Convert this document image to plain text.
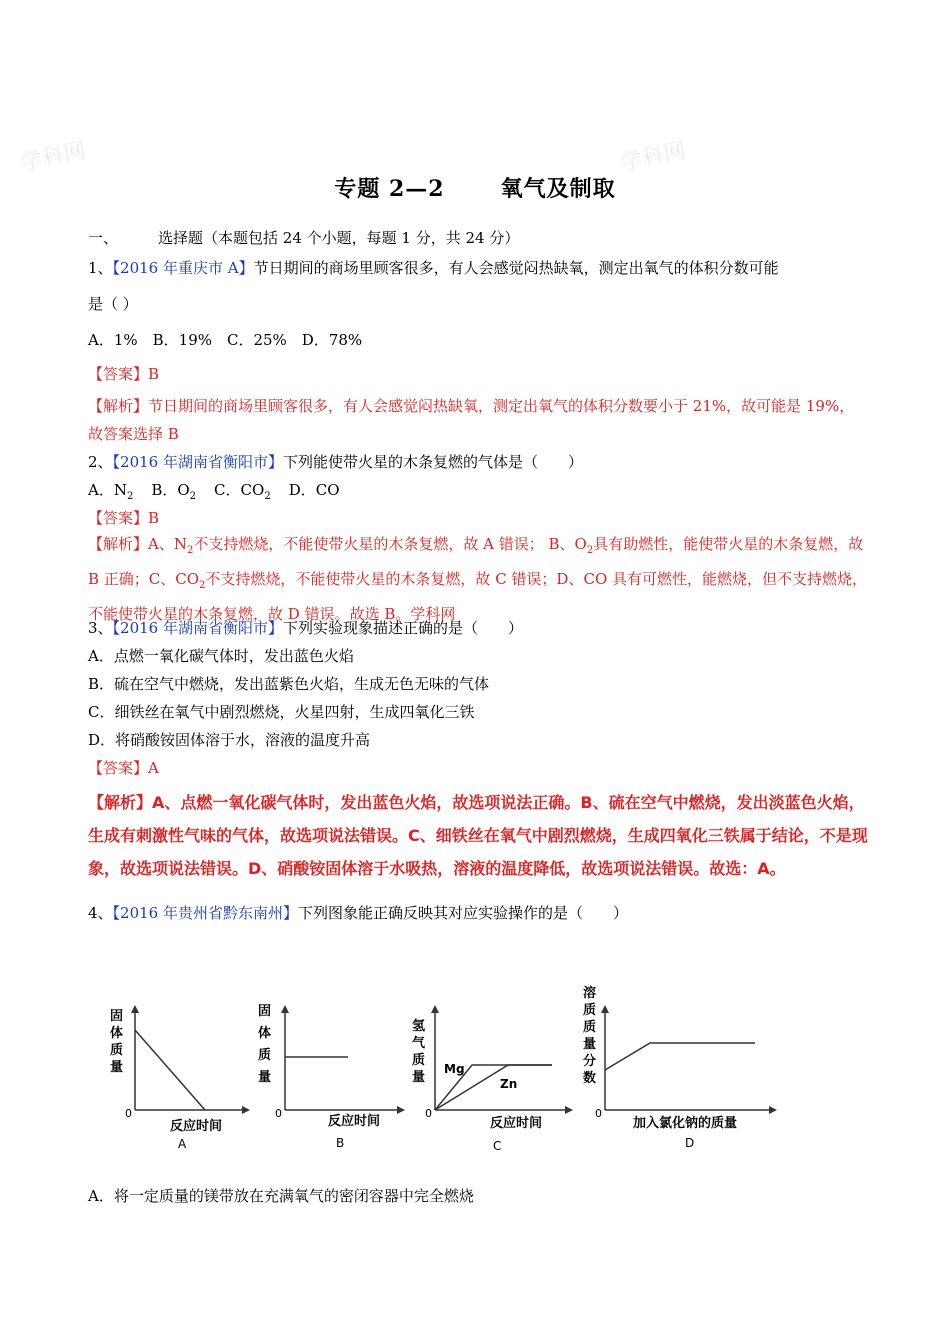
学科网	学科网
专题 2—2	氧气及制取
一、	选择题（本题包括 24 个小题，每题 1 分，共 24 分）
1、【2016 年重庆市 A】节日期间的商场里顾客很多，有人会感觉闷热缺氧，测定出氧气的体积分数可能
是（ ）
A．1%　B．19%　C．25%　D．78%
【答案】B
【解析】节日期间的商场里顾客很多，有人会感觉闷热缺氧，测定出氧气的体积分数要小于 21%，故可能是 19%，故答案选择 B
2、【2016 年湖南省衡阳市】下列能使带火星的木条复燃的气体是（　　）
A．$N_2$ B．$O_2$ C．$CO_2$ D．CO
【答案】B
【解析】A、$N_2$不支持燃烧，不能使带火星的木条复燃，故 A 错误； B、$O_2$具有助燃性，能使带火星的木条复燃，故 B 正确；C、$CO_2$不支持燃烧，不能使带火星的木条复燃，故 C 错误；D、CO 具有可燃性，能燃烧，但不支持燃烧，不能使带火星的木条复燃，故 D 错误。故选 B。学科网
3、【2016 年湖南省衡阳市】下列实验现象描述正确的是（　　）
A．点燃一氧化碳气体时，发出蓝色火焰
B．硫在空气中燃烧，发出蓝紫色火焰，生成无色无味的气体
C．细铁丝在氧气中剧烈燃烧，火星四射，生成四氧化三铁
D．将硝酸铵固体溶于水，溶液的温度升高
【答案】A
【解析】A、点燃一氧化碳气体时，发出蓝色火焰，故选项说法正确。B、硫在空气中燃烧，发出淡蓝色火焰，生成有刺激性气味的气体，故选项说法错误。C、细铁丝在氧气中剧烈燃烧，生成四氧化三铁属于结论，不是现象，故选项说法错误。D、硝酸铵固体溶于水吸热，溶液的温度降低，故选项说法错误。故选：A。
4、【2016 年贵州省黔东南州】下列图象能正确反映其对应实验操作的是（　　）
固
体
质
量
0
反应时间
A
固
体
质
量
0
反应时间
B
氢
气
质
量
Mg
Zn
0
反应时间
C
溶
质
质
量
分
数
0
加入氯化钠的质量
D
A．将一定质量的镁带放在充满氧气的密闭容器中完全燃烧
